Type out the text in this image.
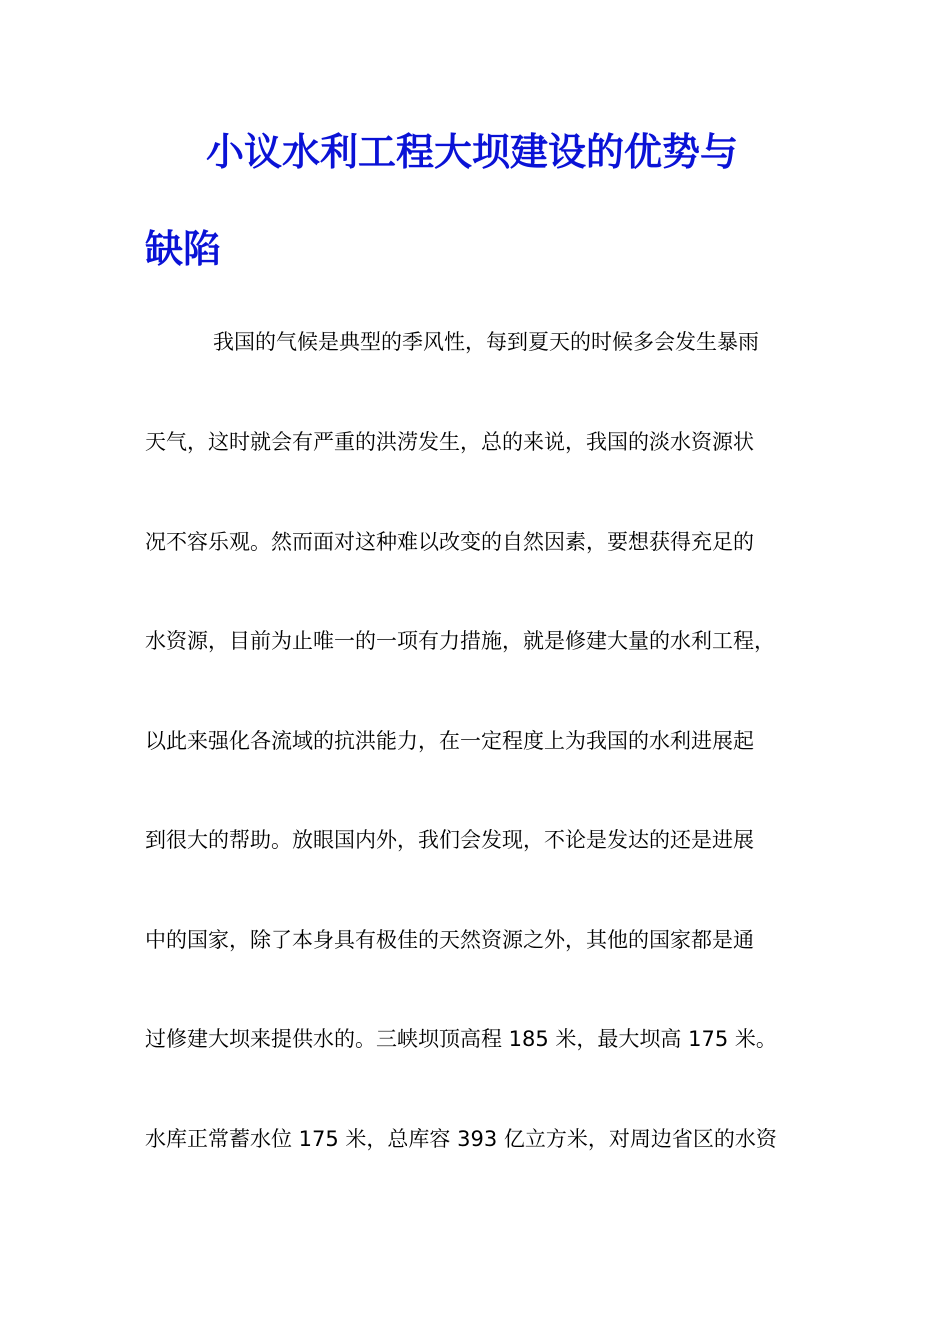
小议水利工程大坝建设的优势与
缺陷

我国的气候是典型的季风性，每到夏天的时候多会发生暴雨

天气，这时就会有严重的洪涝发生，总的来说，我国的淡水资源状

况不容乐观。然而面对这种难以改变的自然因素，要想获得充足的

水资源，目前为止唯一的一项有力措施，就是修建大量的水利工程，

以此来强化各流域的抗洪能力，在一定程度上为我国的水利进展起

到很大的帮助。放眼国内外，我们会发现，不论是发达的还是进展

中的国家，除了本身具有极佳的天然资源之外，其他的国家都是通

过修建大坝来提供水的。三峡坝顶高程 185 米，最大坝高 175 米。

水库正常蓄水位 175 米，总库容 393 亿立方米，对周边省区的水资
